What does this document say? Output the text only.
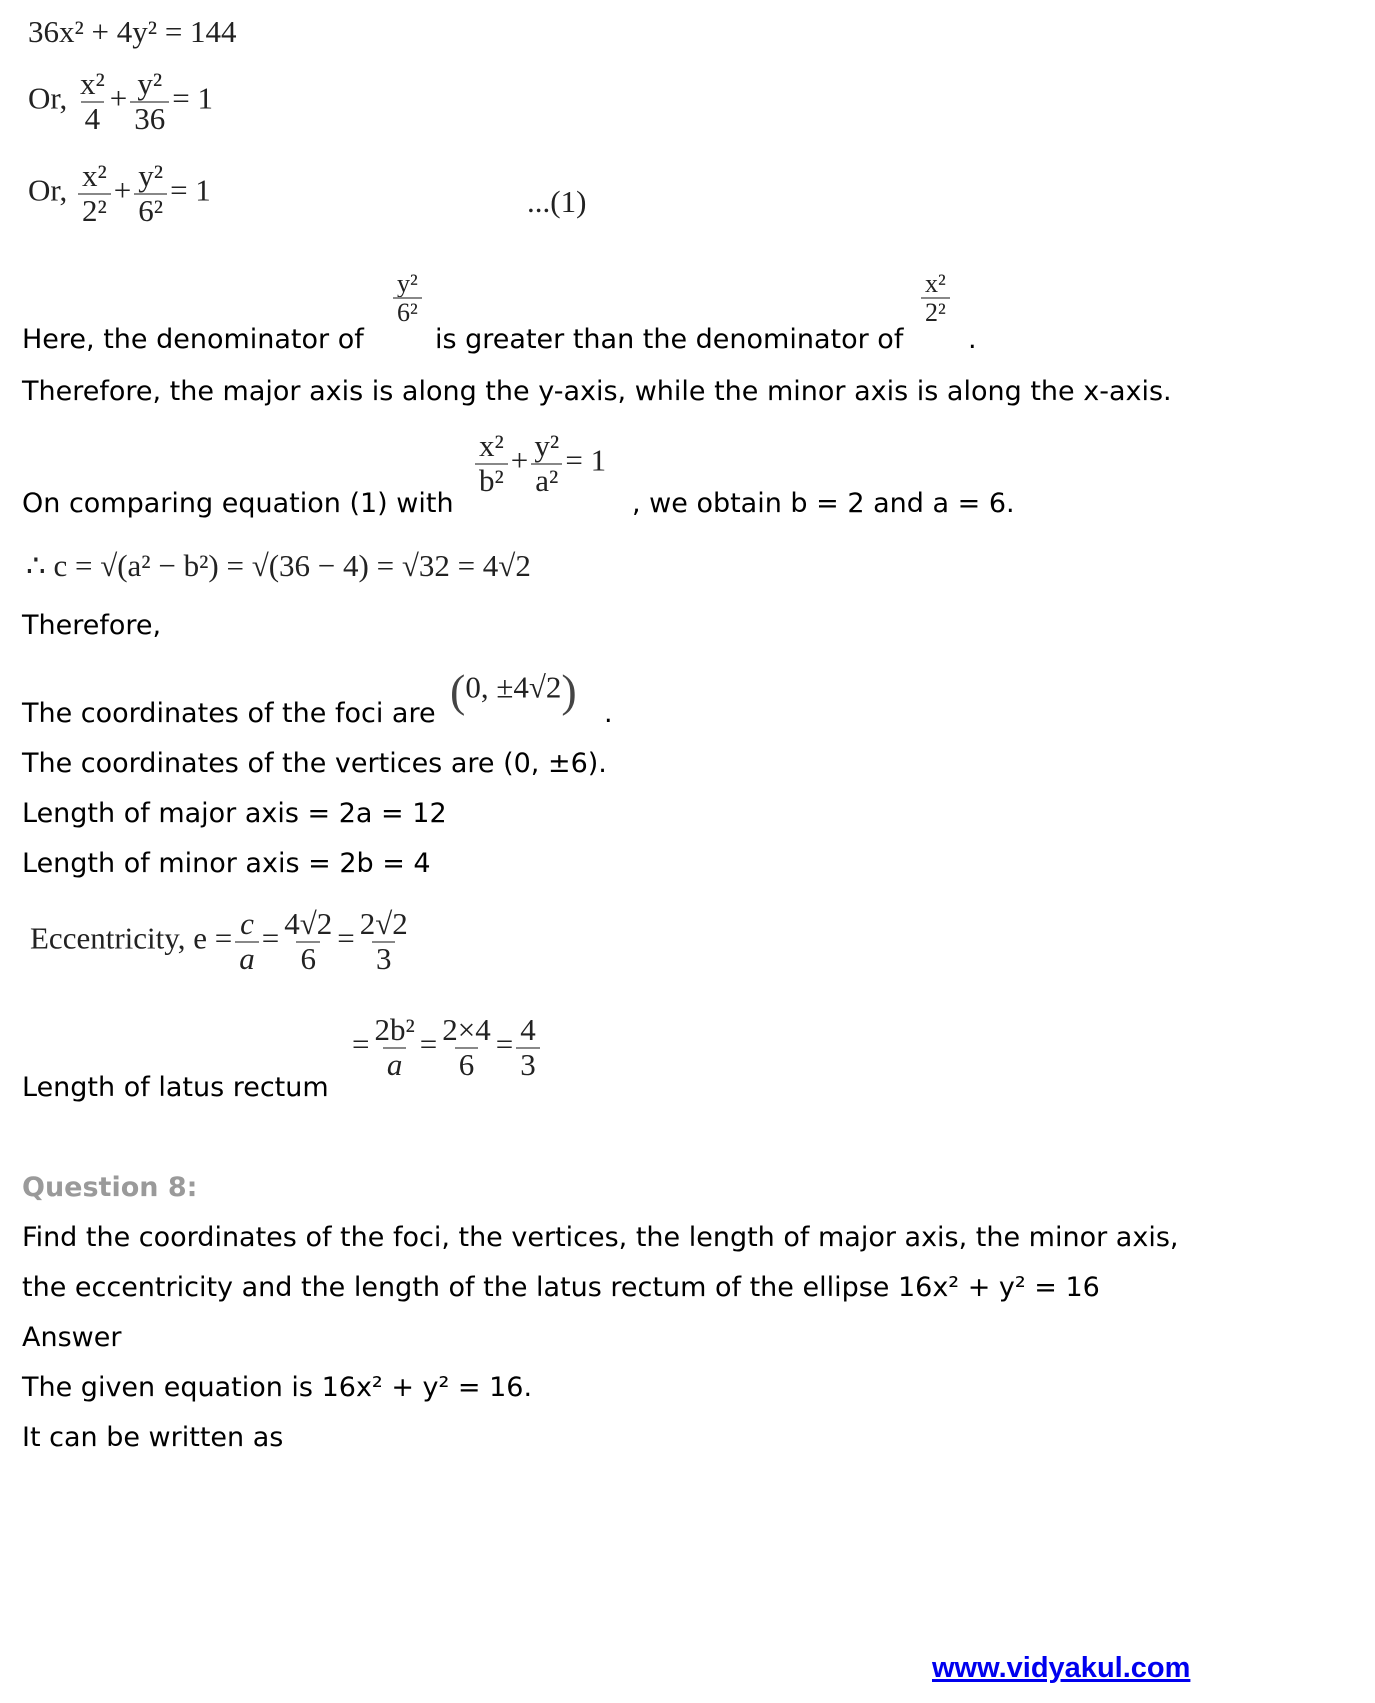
36x² + 4y² = 144
Or, $\frac{\text{x²}}{4} + \frac{\text{y²}}{36} = 1$
Or, $\frac{\text{x²}}{\text{2²}} + \frac{\text{y²}}{\text{6²}} = 1$	...(1)
Here, the denominator of
$\frac{\text{y²}}{\text{6²}}$
is greater than the denominator of
$\frac{\text{x²}}{\text{2²}}$
.
Therefore, the major axis is along the y-axis, while the minor axis is along the x-axis.
On comparing equation (1) with
$\frac{\text{x²}}{\text{b²}} + \frac{\text{y²}}{\text{a²}} = 1$
, we obtain b = 2 and a = 6.
∴ c = √(a² − b²) = √(36 − 4) = √32 = 4√2
Therefore,
The coordinates of the foci are (0, ±4√2) .
The coordinates of the vertices are (0, ±6).
Length of major axis = 2a = 12
Length of minor axis = 2b = 4
Eccentricity, $e = \frac{c}{a} = \frac{4√2}{6} = \frac{2√2}{3}$
Length of latus rectum
= $\frac{\text{2b²}}{a} = \frac{2\times 4}{6} = \frac{4}{3}$
Question 8:
Find the coordinates of the foci, the vertices, the length of major axis, the minor axis,
the eccentricity and the length of the latus rectum of the ellipse 16x² + y² = 16
Answer
The given equation is 16x² + y² = 16.
It can be written as
www.vidyakul.com
